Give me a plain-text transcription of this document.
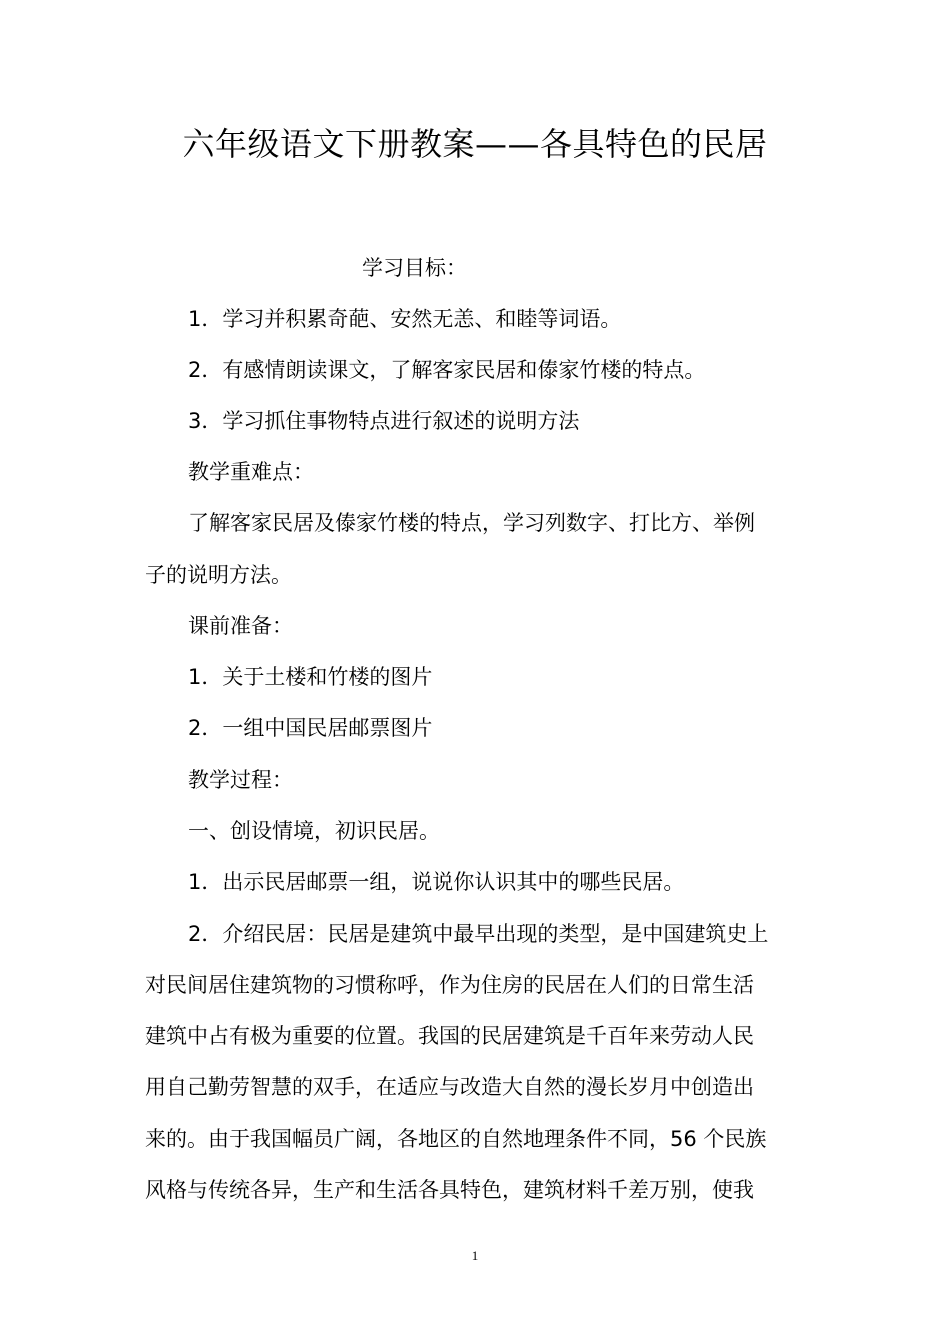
六年级语文下册教案——各具特色的民居
学习目标：
1．学习并积累奇葩、安然无恙、和睦等词语。
2．有感情朗读课文，了解客家民居和傣家竹楼的特点。
3．学习抓住事物特点进行叙述的说明方法
教学重难点：
了解客家民居及傣家竹楼的特点，学习列数字、打比方、举例
子的说明方法。
课前准备：
1．关于土楼和竹楼的图片
2．一组中国民居邮票图片
教学过程：
一、创设情境，初识民居。
1．出示民居邮票一组，说说你认识其中的哪些民居。
2．介绍民居：民居是建筑中最早出现的类型，是中国建筑史上
对民间居住建筑物的习惯称呼，作为住房的民居在人们的日常生活
建筑中占有极为重要的位置。我国的民居建筑是千百年来劳动人民
用自己勤劳智慧的双手，在适应与改造大自然的漫长岁月中创造出
来的。由于我国幅员广阔，各地区的自然地理条件不同，56 个民族
风格与传统各异，生产和生活各具特色，建筑材料千差万别，使我
1
